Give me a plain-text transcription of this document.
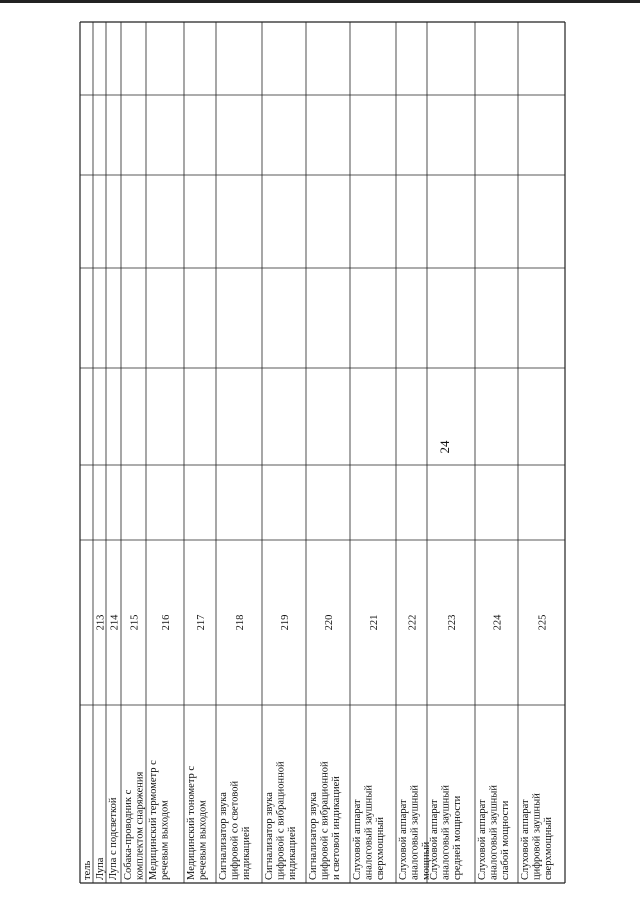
24
тель Лупа
213
Лупа с подсветкой
214
Собака-проводник с комплектом снаряжения
215
Медицинский термометр с речевым выходом
216
Медицинский тонометр с речевым выходом
217
Сигнализатор звука цифровой со световой индикацией
218
Сигнализатор звука цифровой с вибрационной индикацией
219
Сигнализатор звука цифровой с вибрационной и световой индикацией
220
Слуховой аппарат аналоговый заушный сверхмощный
221
Слуховой аппарат аналоговый заушный мощный
222
Слуховой аппарат аналоговый заушный средней мощности
223
Слуховой аппарат аналоговый заушный слабой мощности
224
Слуховой аппарат цифровой заушный сверхмощный
225
